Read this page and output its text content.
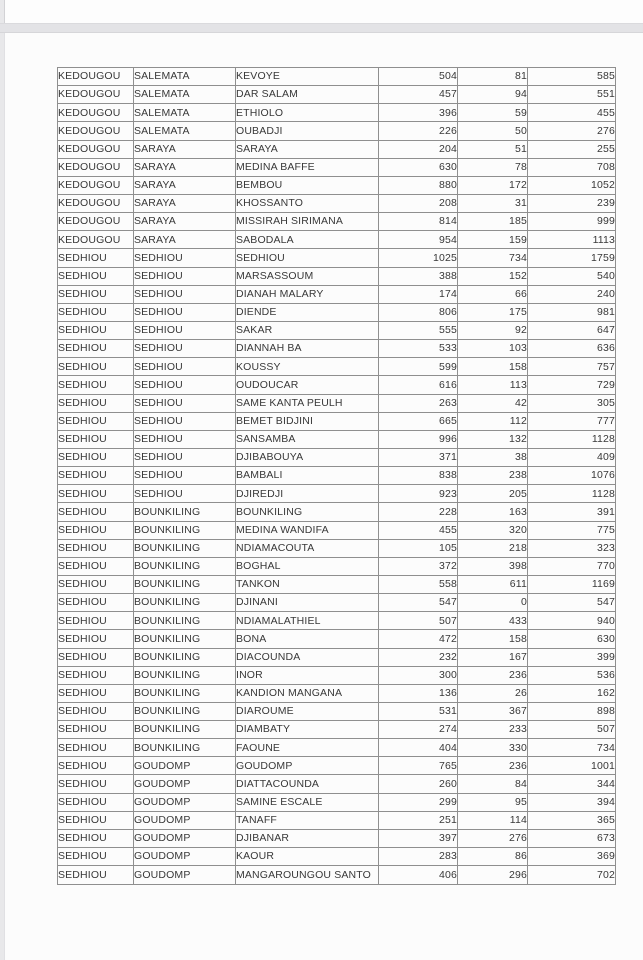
KEDOUGOU	SALEMATA	KEVOYE	504	81	585
KEDOUGOU	SALEMATA	DAR SALAM	457	94	551
KEDOUGOU	SALEMATA	ETHIOLO	396	59	455
KEDOUGOU	SALEMATA	OUBADJI	226	50	276
KEDOUGOU	SARAYA	SARAYA	204	51	255
KEDOUGOU	SARAYA	MEDINA BAFFE	630	78	708
KEDOUGOU	SARAYA	BEMBOU	880	172	1052
KEDOUGOU	SARAYA	KHOSSANTO	208	31	239
KEDOUGOU	SARAYA	MISSIRAH SIRIMANA	814	185	999
KEDOUGOU	SARAYA	SABODALA	954	159	1113
SEDHIOU	SEDHIOU	SEDHIOU	1025	734	1759
SEDHIOU	SEDHIOU	MARSASSOUM	388	152	540
SEDHIOU	SEDHIOU	DIANAH MALARY	174	66	240
SEDHIOU	SEDHIOU	DIENDE	806	175	981
SEDHIOU	SEDHIOU	SAKAR	555	92	647
SEDHIOU	SEDHIOU	DIANNAH BA	533	103	636
SEDHIOU	SEDHIOU	KOUSSY	599	158	757
SEDHIOU	SEDHIOU	OUDOUCAR	616	113	729
SEDHIOU	SEDHIOU	SAME KANTA PEULH	263	42	305
SEDHIOU	SEDHIOU	BEMET BIDJINI	665	112	777
SEDHIOU	SEDHIOU	SANSAMBA	996	132	1128
SEDHIOU	SEDHIOU	DJIBABOUYA	371	38	409
SEDHIOU	SEDHIOU	BAMBALI	838	238	1076
SEDHIOU	SEDHIOU	DJIREDJI	923	205	1128
SEDHIOU	BOUNKILING	BOUNKILING	228	163	391
SEDHIOU	BOUNKILING	MEDINA WANDIFA	455	320	775
SEDHIOU	BOUNKILING	NDIAMACOUTA	105	218	323
SEDHIOU	BOUNKILING	BOGHAL	372	398	770
SEDHIOU	BOUNKILING	TANKON	558	611	1169
SEDHIOU	BOUNKILING	DJINANI	547	0	547
SEDHIOU	BOUNKILING	NDIAMALATHIEL	507	433	940
SEDHIOU	BOUNKILING	BONA	472	158	630
SEDHIOU	BOUNKILING	DIACOUNDA	232	167	399
SEDHIOU	BOUNKILING	INOR	300	236	536
SEDHIOU	BOUNKILING	KANDION MANGANA	136	26	162
SEDHIOU	BOUNKILING	DIAROUME	531	367	898
SEDHIOU	BOUNKILING	DIAMBATY	274	233	507
SEDHIOU	BOUNKILING	FAOUNE	404	330	734
SEDHIOU	GOUDOMP	GOUDOMP	765	236	1001
SEDHIOU	GOUDOMP	DIATTACOUNDA	260	84	344
SEDHIOU	GOUDOMP	SAMINE ESCALE	299	95	394
SEDHIOU	GOUDOMP	TANAFF	251	114	365
SEDHIOU	GOUDOMP	DJIBANAR	397	276	673
SEDHIOU	GOUDOMP	KAOUR	283	86	369
SEDHIOU	GOUDOMP	MANGAROUNGOU SANTO	406	296	702
